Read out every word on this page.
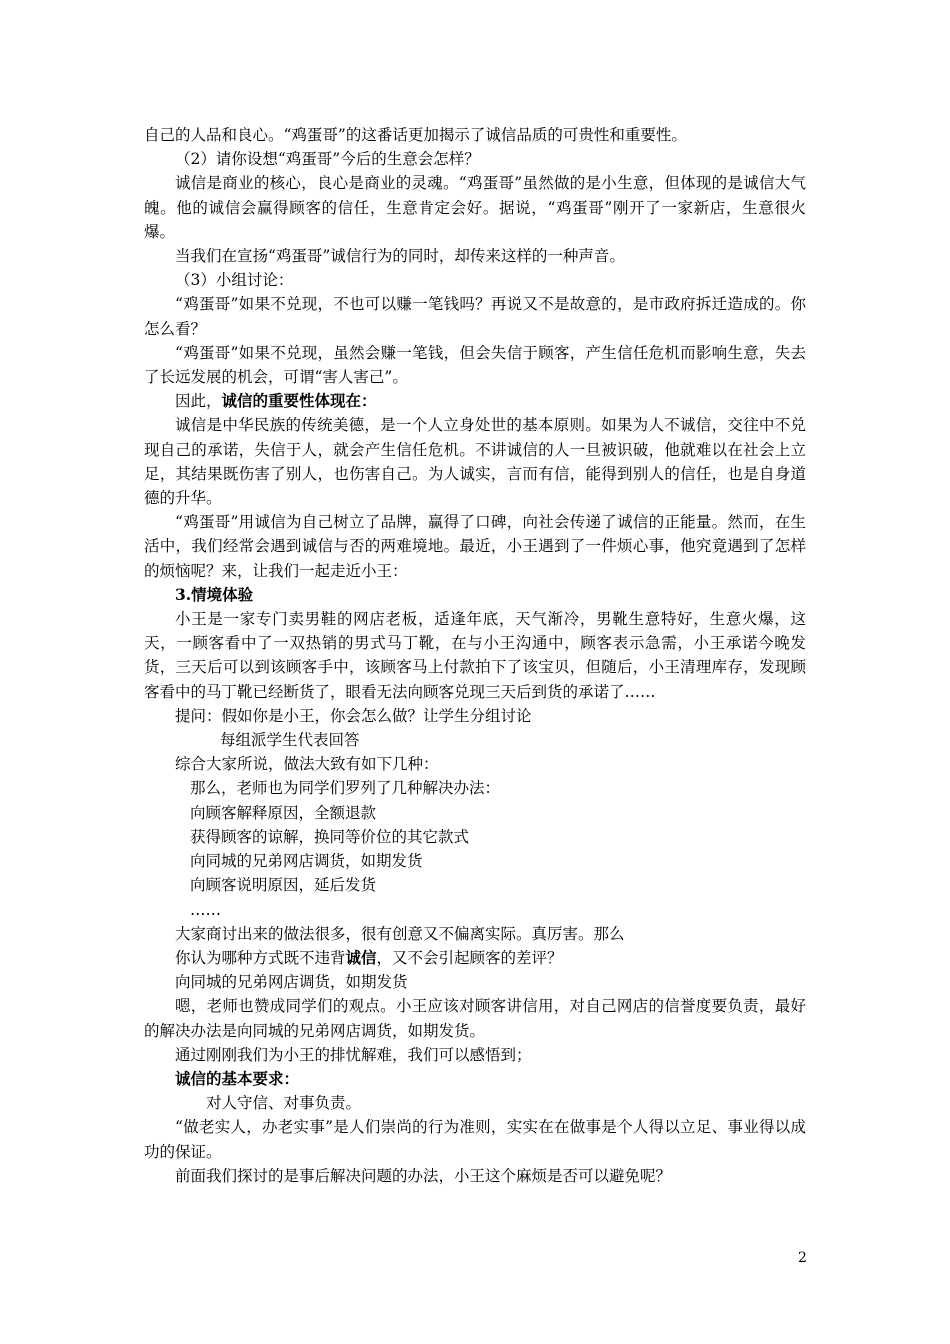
自己的人品和良心。“鸡蛋哥”的这番话更加揭示了诚信品质的可贵性和重要性。

（2）请你设想“鸡蛋哥”今后的生意会怎样？

诚信是商业的核心，良心是商业的灵魂。“鸡蛋哥”虽然做的是小生意，但体现的是诚信大气魄。他的诚信会赢得顾客的信任，生意肯定会好。据说，“鸡蛋哥”刚开了一家新店，生意很火爆。

当我们在宣扬“鸡蛋哥”诚信行为的同时，却传来这样的一种声音。

（3）小组讨论：

“鸡蛋哥”如果不兑现，不也可以赚一笔钱吗？再说又不是故意的，是市政府拆迁造成的。你怎么看？

“鸡蛋哥”如果不兑现，虽然会赚一笔钱，但会失信于顾客，产生信任危机而影响生意，失去了长远发展的机会，可谓“害人害己”。

因此，诚信的重要性体现在：

诚信是中华民族的传统美德，是一个人立身处世的基本原则。如果为人不诚信，交往中不兑现自己的承诺，失信于人，就会产生信任危机。不讲诚信的人一旦被识破，他就难以在社会上立足，其结果既伤害了别人，也伤害自己。为人诚实，言而有信，能得到别人的信任，也是自身道德的升华。

“鸡蛋哥”用诚信为自己树立了品牌，赢得了口碑，向社会传递了诚信的正能量。然而，在生活中，我们经常会遇到诚信与否的两难境地。最近，小王遇到了一件烦心事，他究竟遇到了怎样的烦恼呢？来，让我们一起走近小王：

3.情境体验

小王是一家专门卖男鞋的网店老板，适逢年底，天气渐冷，男靴生意特好，生意火爆，这天，一顾客看中了一双热销的男式马丁靴，在与小王沟通中，顾客表示急需，小王承诺今晚发货，三天后可以到该顾客手中，该顾客马上付款拍下了该宝贝，但随后，小王清理库存，发现顾客看中的马丁靴已经断货了，眼看无法向顾客兑现三天后到货的承诺了……

提问：假如你是小王，你会怎么做？让学生分组讨论

每组派学生代表回答

综合大家所说，做法大致有如下几种：

那么，老师也为同学们罗列了几种解决办法：

向顾客解释原因，全额退款

获得顾客的谅解，换同等价位的其它款式

向同城的兄弟网店调货，如期发货

向顾客说明原因，延后发货

……

大家商讨出来的做法很多，很有创意又不偏离实际。真厉害。那么

你认为哪种方式既不违背诚信，又不会引起顾客的差评？

向同城的兄弟网店调货，如期发货

嗯，老师也赞成同学们的观点。小王应该对顾客讲信用，对自己网店的信誉度要负责，最好的解决办法是向同城的兄弟网店调货，如期发货。

通过刚刚我们为小王的排忧解难，我们可以感悟到；

诚信的基本要求：

对人守信、对事负责。

“做老实人，办老实事”是人们崇尚的行为准则，实实在在做事是个人得以立足、事业得以成功的保证。

前面我们探讨的是事后解决问题的办法，小王这个麻烦是否可以避免呢？

2
